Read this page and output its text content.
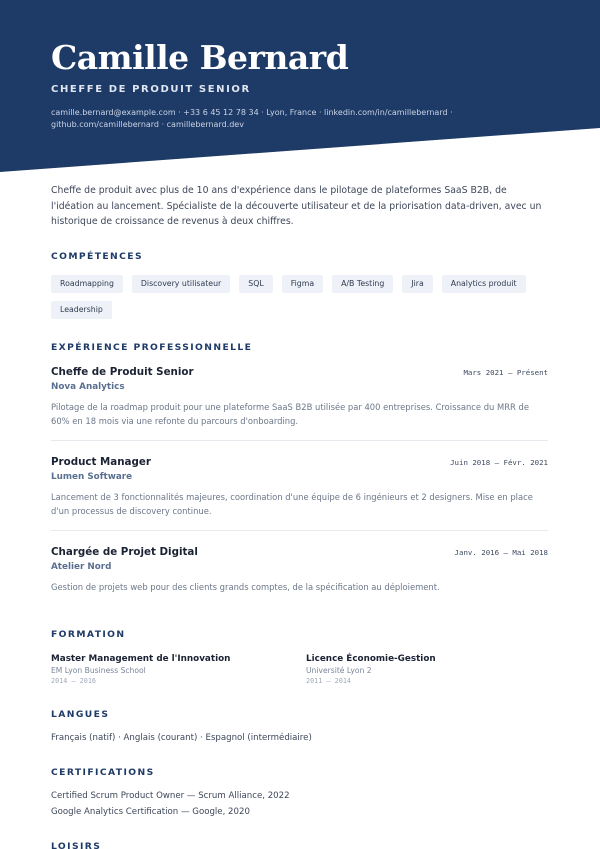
Camille Bernard
CHEFFE DE PRODUIT SENIOR
camille.bernard@example.com · +33 6 45 12 78 34 · Lyon, France · linkedin.com/in/camillebernard · github.com/camillebernard · camillebernard.dev

Cheffe de produit avec plus de 10 ans d'expérience dans le pilotage de plateformes SaaS B2B, de l'idéation au lancement. Spécialiste de la découverte utilisateur et de la priorisation data-driven, avec un historique de croissance de revenus à deux chiffres.

COMPÉTENCES
Roadmapping	Discovery utilisateur	SQL	Figma	A/B Testing	Jira	Analytics produit
Leadership
EXPÉRIENCE PROFESSIONNELLE
Cheffe de Produit Senior	Mars 2021 — Présent
Nova Analytics
Pilotage de la roadmap produit pour une plateforme SaaS B2B utilisée par 400 entreprises. Croissance du MRR de 60% en 18 mois via une refonte du parcours d'onboarding.
Product Manager	Juin 2018 — Févr. 2021
Lumen Software
Lancement de 3 fonctionnalités majeures, coordination d'une équipe de 6 ingénieurs et 2 designers. Mise en place d'un processus de discovery continue.
Chargée de Projet Digital	Janv. 2016 — Mai 2018
Atelier Nord
Gestion de projets web pour des clients grands comptes, de la spécification au déploiement.
FORMATION
Master Management de l'Innovation
EM Lyon Business School
2014 — 2016
Licence Économie-Gestion
Université Lyon 2
2011 — 2014
LANGUES
Français (natif) · Anglais (courant) · Espagnol (intermédiaire)
CERTIFICATIONS
Certified Scrum Product Owner — Scrum Alliance, 2022
Google Analytics Certification — Google, 2020
LOISIRS
